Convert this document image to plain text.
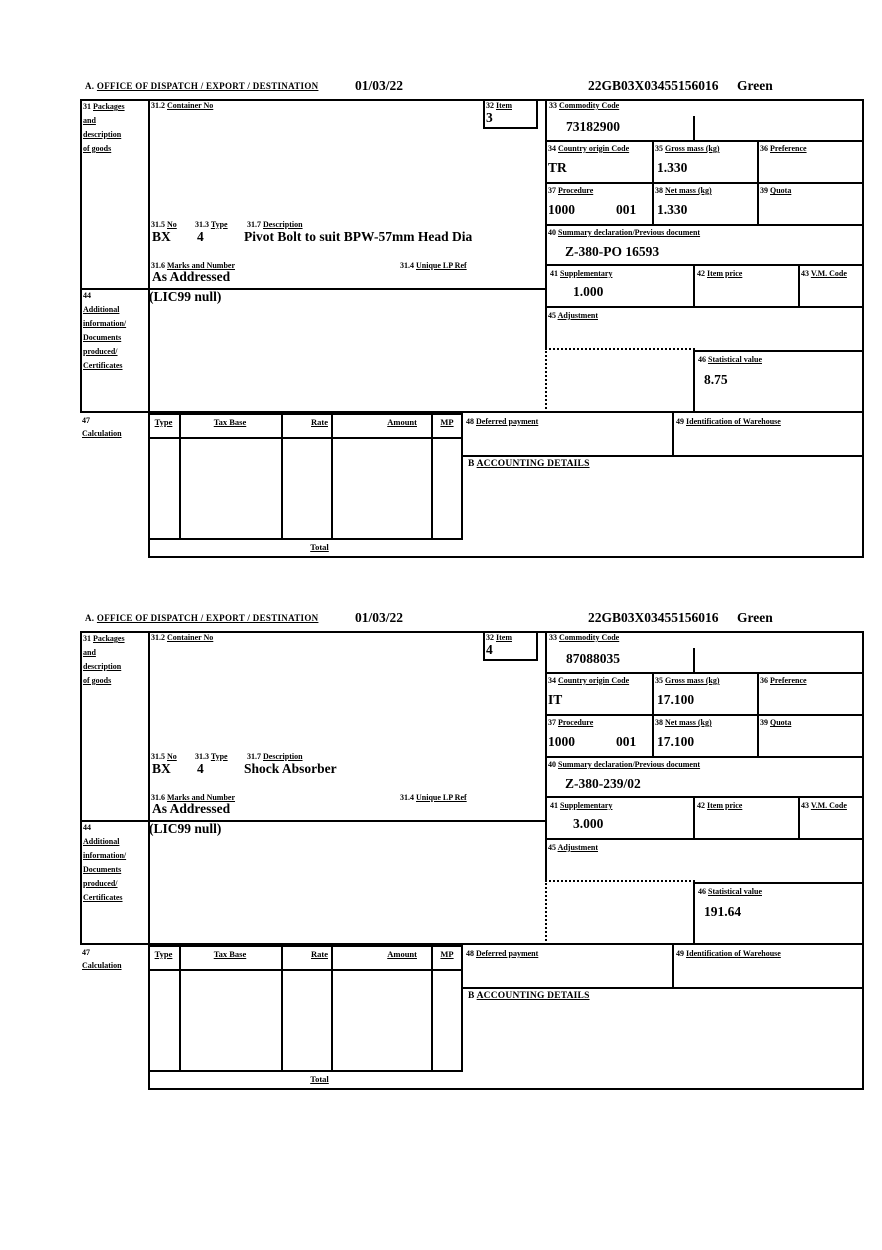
A. OFFICE OF DISPATCH / EXPORT / DESTINATION	01/03/22	22GB03X03455156016 Green
31 Packages
and
description
of goods
31.2 Container No	32 Item
3
33 Commodity Code
73182900
34 Country origin Code
TR
35 Gross mass (kg)
1.330
36 Preference
37 Procedure
1000	001
38 Net mass (kg)
1.330
39 Quota
40 Summary declaration/Previous document
Z-380-PO 16593
41 Supplementary
1.000
42 Item price	43 V.M. Code
45 Adjustment
46 Statistical value
8.75
31.5 No 31.3 Type 31.7 Description
BX 4	Pivot Bolt to suit BPW-57mm Head Dia
31.6 Marks and Number	31.4 Unique LP Ref
As Addressed
44
Additional
information/
Documents
produced/
Certificates
(LIC99 null)
47
Calculation
Type	Tax Base	Rate	Amount	MP
Total
48 Deferred payment	49 Identification of Warehouse
B ACCOUNTING DETAILS
A. OFFICE OF DISPATCH / EXPORT / DESTINATION	01/03/22	22GB03X03455156016 Green
31 Packages
and
description
of goods
31.2 Container No	32 Item
4
33 Commodity Code
87088035
34 Country origin Code
IT
35 Gross mass (kg)
17.100
36 Preference
37 Procedure
1000	001
38 Net mass (kg)
17.100
39 Quota
40 Summary declaration/Previous document
Z-380-239/02
41 Supplementary
3.000
42 Item price	43 V.M. Code
45 Adjustment
46 Statistical value
191.64
31.5 No 31.3 Type 31.7 Description
BX 4	Shock Absorber
31.6 Marks and Number	31.4 Unique LP Ref
As Addressed
44
Additional
information/
Documents
produced/
Certificates
(LIC99 null)
47
Calculation
Type	Tax Base	Rate	Amount	MP
Total
48 Deferred payment	49 Identification of Warehouse
B ACCOUNTING DETAILS
